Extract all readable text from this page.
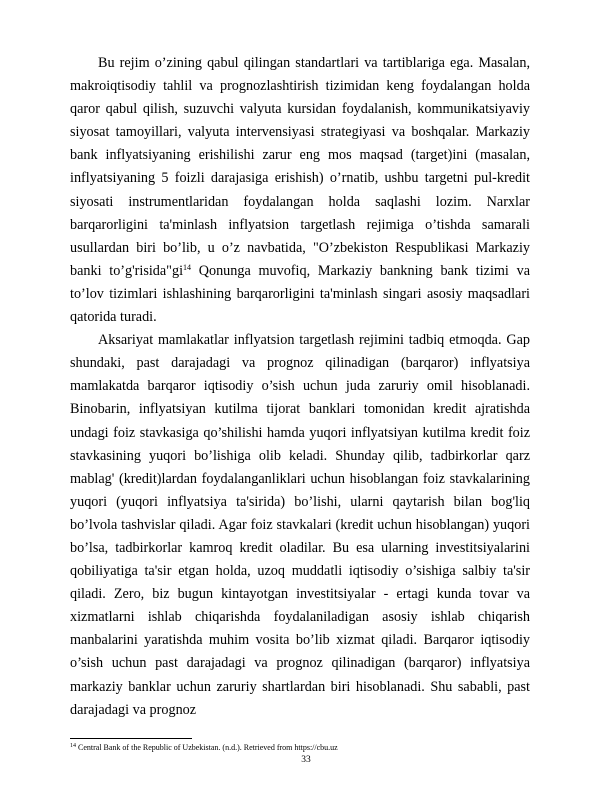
Bu rejim o’zining qabul qilingan standartlari va tartiblariga ega. Masalan, makroiqtisodiy tahlil va prognozlashtirish tizimidan keng foydalangan holda qaror qabul qilish, suzuvchi valyuta kursidan foydalanish, kommunikatsiyaviy siyosat tamoyillari, valyuta intervensiyasi strategiyasi va boshqalar. Markaziy bank inflyatsiyaning erishilishi zarur eng mos maqsad (target)ini (masalan, inflyatsiyaning 5 foizli darajasiga erishish) o’rnatib, ushbu targetni pul-kredit siyosati instrumentlaridan foydalangan holda saqlashi lozim. Narxlar barqarorligini ta'minlash inflyatsion targetlash rejimiga o’tishda samarali usullardan biri bo’lib, u o’z navbatida, "O’zbekiston Respublikasi Markaziy banki $to’g'risida"gi^{14}$ Qonunga muvofiq, Markaziy bankning bank tizimi va to’lov tizimlari ishlashining barqarorligini ta'minlash singari asosiy maqsadlari qatorida turadi.

Aksariyat mamlakatlar inflyatsion targetlash rejimini tadbiq etmoqda. Gap shundaki, past darajadagi va prognoz qilinadigan (barqaror) inflyatsiya mamlakatda barqaror iqtisodiy o’sish uchun juda zaruriy omil hisoblanadi. Binobarin, inflyatsiyan kutilma tijorat banklari tomonidan kredit ajratishda undagi foiz stavkasiga qo’shilishi hamda yuqori inflyatsiyan kutilma kredit foiz stavkasining yuqori bo’lishiga olib keladi. Shunday qilib, tadbirkorlar qarz mablag' (kredit)lardan foydalanganliklari uchun hisoblangan foiz stavkalarining yuqori (yuqori inflyatsiya ta'sirida) bo’lishi, ularni qaytarish bilan bog'liq bo’lvola tashvislar qiladi. Agar foiz stavkalari (kredit uchun hisoblangan) yuqori bo’lsa, tadbirkorlar kamroq kredit oladilar. Bu esa ularning investitsiyalarini qobiliyatiga ta'sir etgan holda, uzoq muddatli iqtisodiy o’sishiga salbiy ta'sir qiladi. Zero, biz bugun kintayotgan investitsiyalar - ertagi kunda tovar va xizmatlarni ishlab chiqarishda foydalaniladigan asosiy ishlab chiqarish manbalarini yaratishda muhim vosita bo’lib xizmat qiladi. Barqaror iqtisodiy o’sish uchun past darajadagi va prognoz qilinadigan (barqaror) inflyatsiya markaziy banklar uchun zaruriy shartlardan biri hisoblanadi. Shu sababli, past darajadagi va prognoz

$^{14}$ Central Bank of the Republic of Uzbekistan. (n.d.). Retrieved from https://cbu.uz
33
